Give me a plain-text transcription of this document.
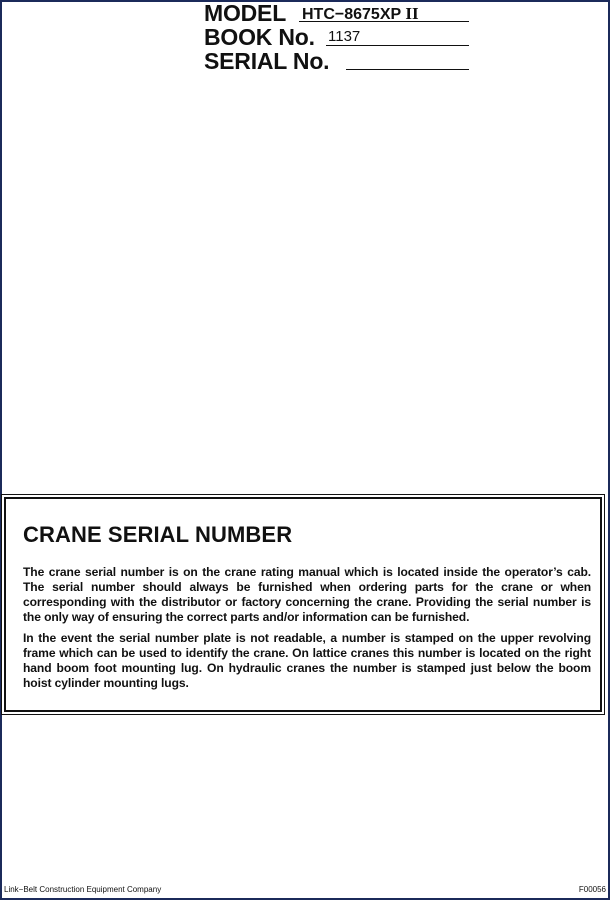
MODEL HTC−8675XP II
BOOK No. 1137
SERIAL No.
CRANE SERIAL NUMBER
The crane serial number is on the crane rating manual which is located inside the operator’s cab. The serial number should always be furnished when ordering parts for the crane or when corresponding with the distributor or factory concerning the crane. Providing the serial number is the only way of ensuring the correct parts and/or information can be furnished.
In the event the serial number plate is not readable, a number is stamped on the upper revolving frame which can be used to identify the crane. On lattice cranes this number is located on the right hand boom foot mounting lug. On hydraulic cranes the number is stamped just below the boom hoist cylinder mounting lugs.
Link−Belt Construction Equipment Company	F00056
